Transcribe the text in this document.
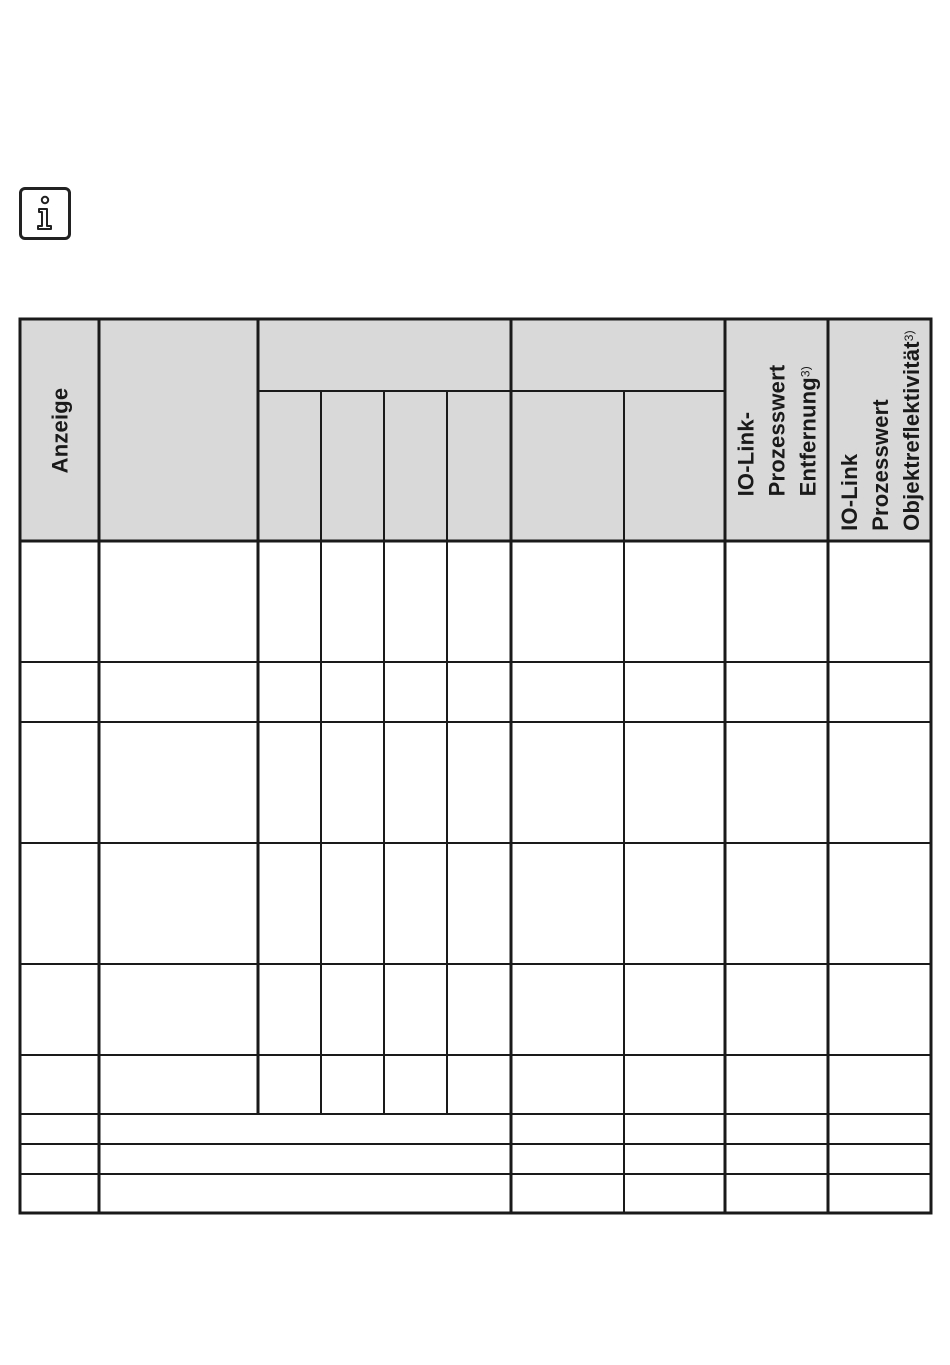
Anzeige	IO-Link- Prozesswert Entfernung$^{3)}$
IO-Link Prozesswert Objektreflektivität$^{3)}$
